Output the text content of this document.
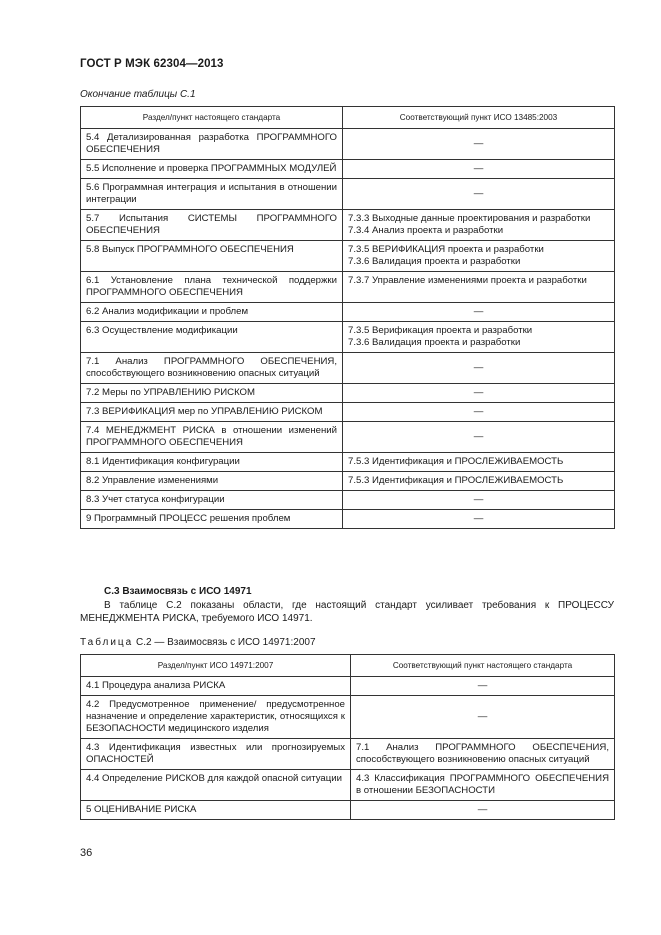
ГОСТ Р МЭК 62304—2013
Окончание таблицы С.1
Раздел/пункт настоящего стандарта	Соответствующий пункт ИСО 13485:2003
5.4 Детализированная разработка ПРОГРАММНОГО ОБЕСПЕЧЕНИЯ	—
5.5 Исполнение и проверка ПРОГРАММНЫХ МОДУЛЕЙ	—
5.6 Программная интеграция и испытания в отношении интеграции	—
5.7 Испытания СИСТЕМЫ ПРОГРАММНОГО ОБЕСПЕЧЕНИЯ	7.3.3 Выходные данные проектирования и разработки
7.3.4 Анализ проекта и разработки

5.8 Выпуск ПРОГРАММНОГО ОБЕСПЕЧЕНИЯ	7.3.5 ВЕРИФИКАЦИЯ проекта и разработки
7.3.6 Валидация проекта и разработки

6.1 Установление плана технической поддержки ПРОГРАММНОГО ОБЕСПЕЧЕНИЯ	7.3.7 Управление изменениями проекта и разработки

6.2 Анализ модификации и проблем	—
6.3 Осуществление модификации	7.3.5 Верификация проекта и разработки
7.3.6 Валидация проекта и разработки

7.1 Анализ ПРОГРАММНОГО ОБЕСПЕЧЕНИЯ, способствующего возникновению опасных ситуаций	—
7.2 Меры по УПРАВЛЕНИЮ РИСКОМ	—
7.3 ВЕРИФИКАЦИЯ мер по УПРАВЛЕНИЮ РИСКОМ	—
7.4 МЕНЕДЖМЕНТ РИСКА в отношении изменений ПРОГРАММНОГО ОБЕСПЕЧЕНИЯ	—
8.1 Идентификация конфигурации	7.5.3 Идентификация и ПРОСЛЕЖИВАЕМОСТЬ

8.2 Управление изменениями	7.5.3 Идентификация и ПРОСЛЕЖИВАЕМОСТЬ

8.3 Учет статуса конфигурации	—
9 Программный ПРОЦЕСС решения проблем	—
С.3 Взаимосвязь с ИСО 14971
В таблице С.2 показаны области, где настоящий стандарт усиливает требования к ПРОЦЕССУ МЕНЕДЖМЕНТА РИСКА, требуемого ИСО 14971.
Таблица С.2 — Взаимосвязь с ИСО 14971:2007
Раздел/пункт ИСО 14971:2007	Соответствующий пункт настоящего стандарта
4.1 Процедура анализа РИСКА	—
4.2 Предусмотренное применение/ предусмотренное назначение и определение характеристик, относящихся к БЕЗОПАСНОСТИ медицинского изделия	—
4.3 Идентификация известных или прогнозируемых ОПАСНОСТЕЙ	7.1 Анализ ПРОГРАММНОГО ОБЕСПЕЧЕНИЯ, способствующего возникновению опасных ситуаций

4.4 Определение РИСКОВ для каждой опасной ситуации	4.3 Классификация ПРОГРАММНОГО ОБЕСПЕЧЕНИЯ в отношении БЕЗОПАСНОСТИ

5 ОЦЕНИВАНИЕ РИСКА	—
36
